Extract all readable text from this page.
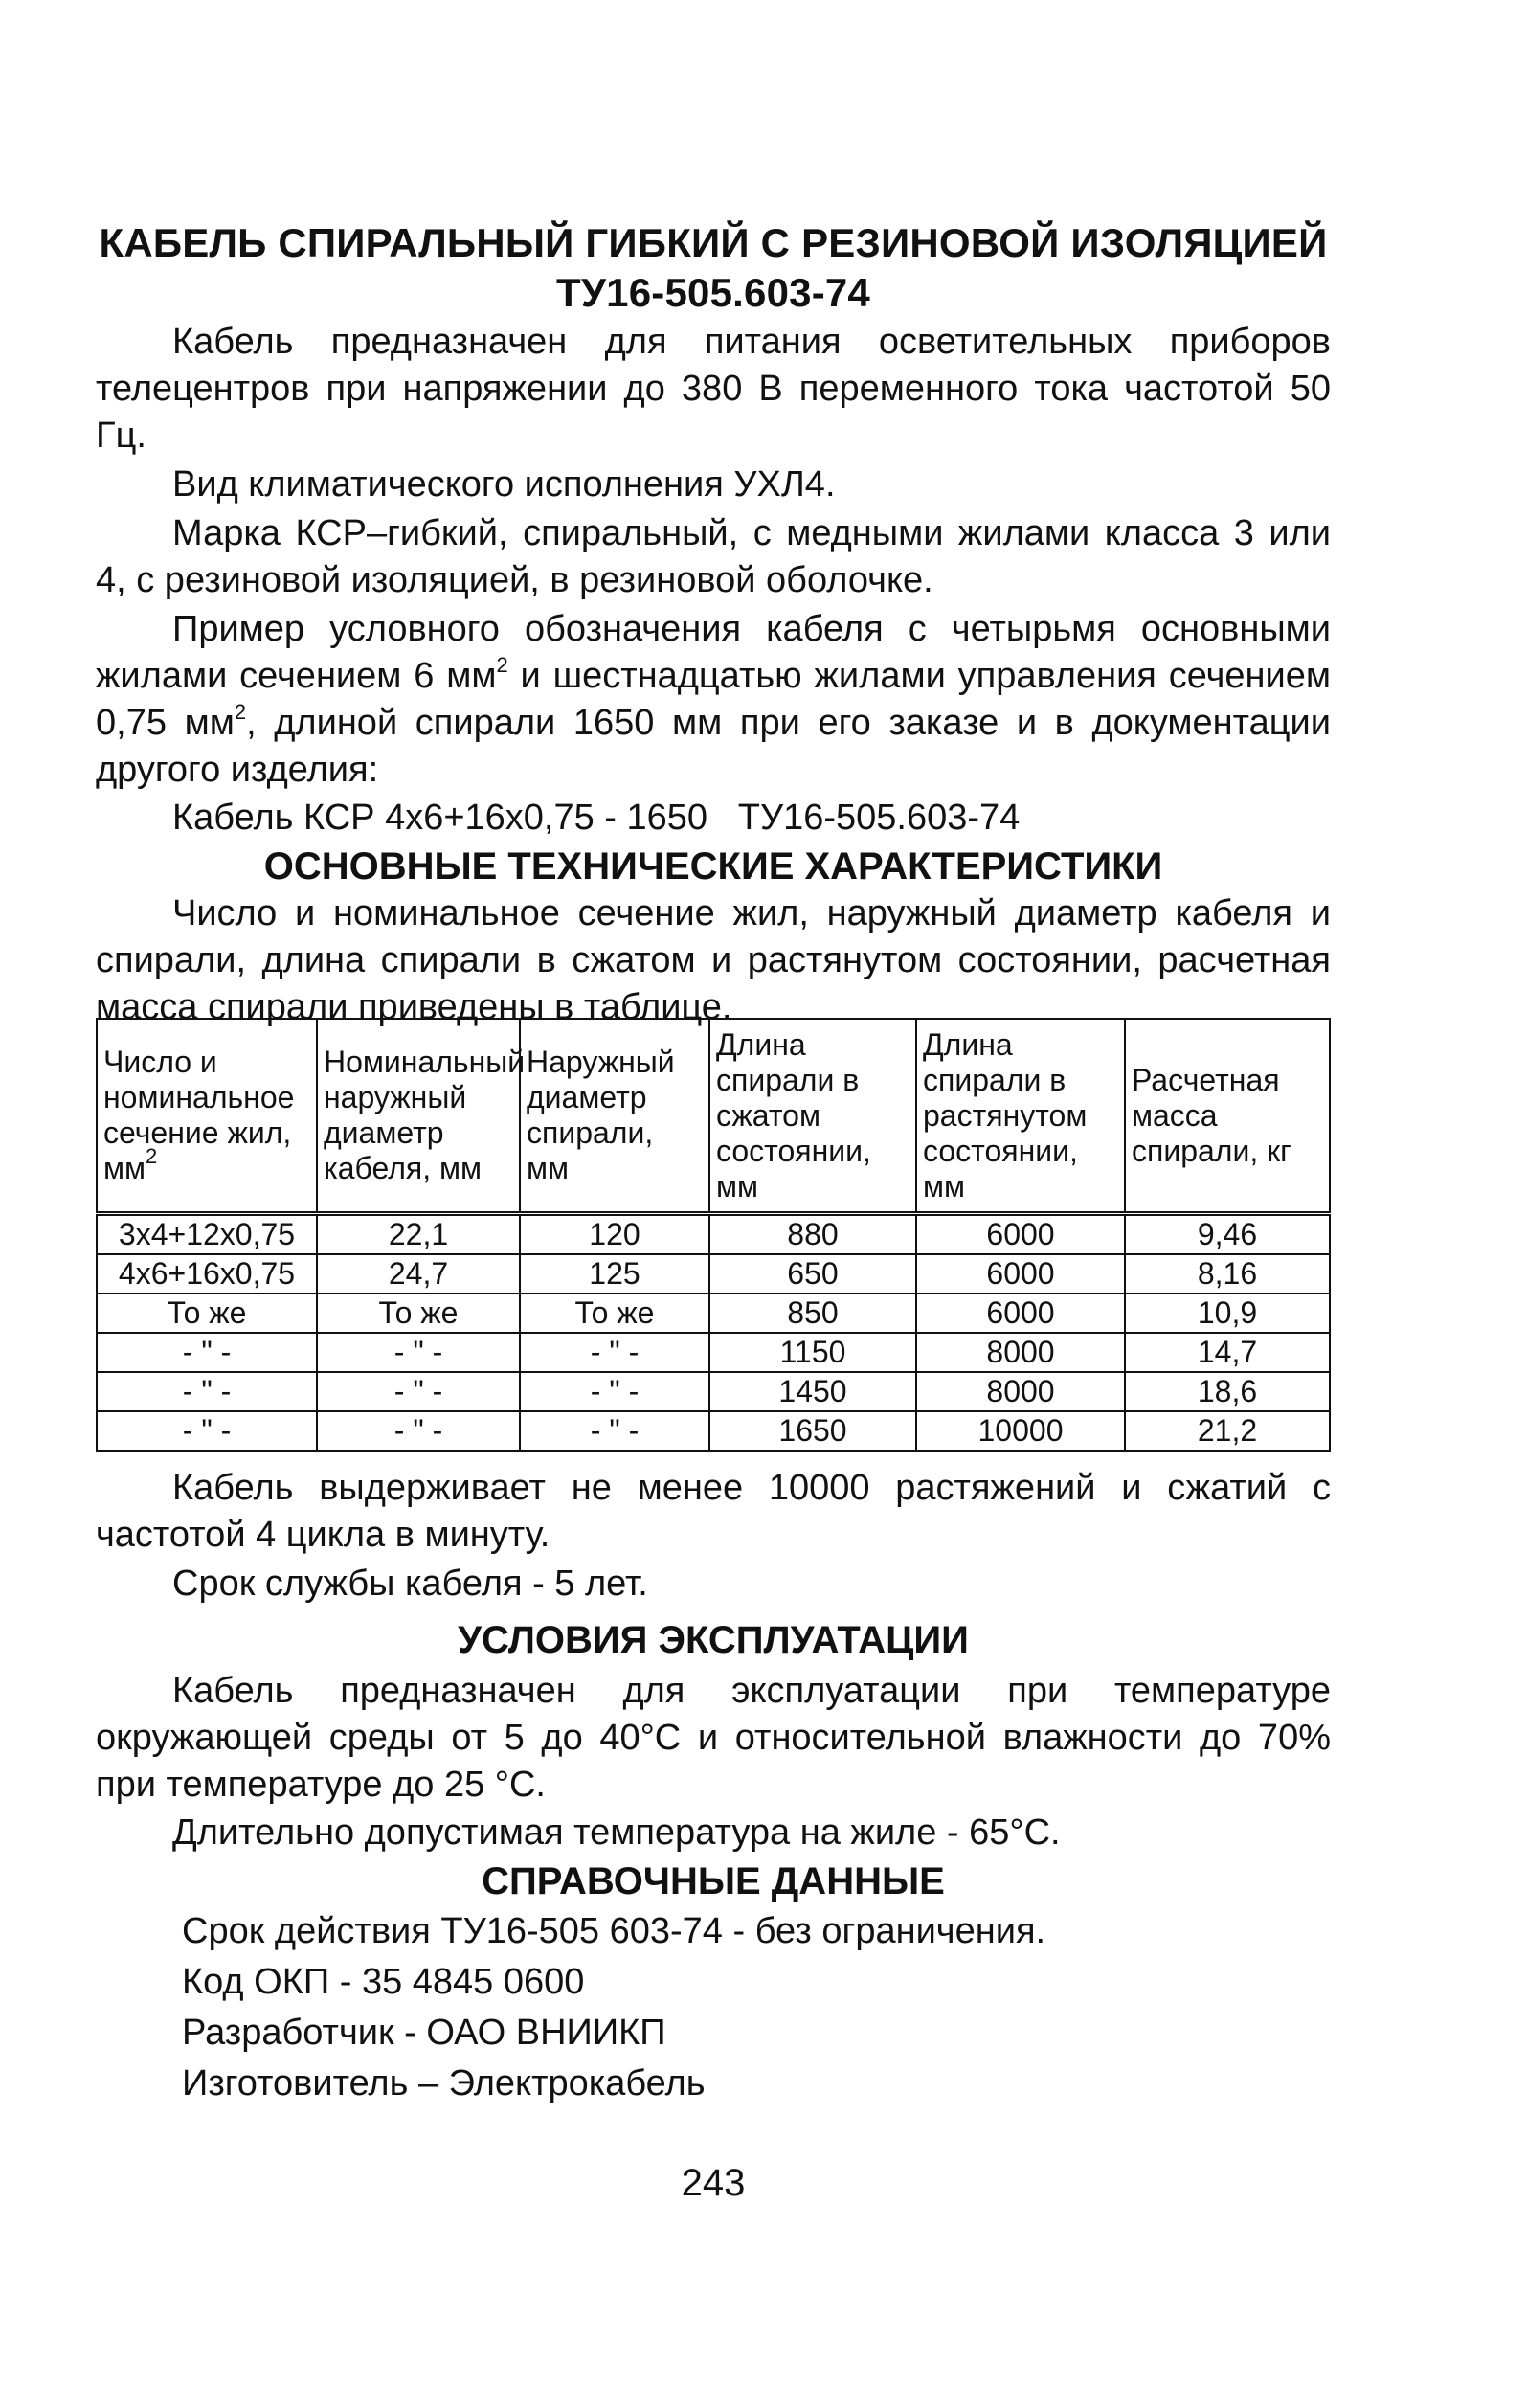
КАБЕЛЬ СПИРАЛЬНЫЙ ГИБКИЙ С РЕЗИНОВОЙ ИЗОЛЯЦИЕЙ
ТУ16-505.603-74
Кабель предназначен для питания осветительных приборов телецентров при напряжении до 380 В переменного тока частотой 50 Гц.
Вид климатического исполнения УХЛ4.
Марка КСР–гибкий, спиральный, с медными жилами класса 3 или 4, с резиновой изоляцией, в резиновой оболочке.
Пример условного обозначения кабеля с четырьмя основными жилами сечением 6 $мм^2$ и шестнадцатью жилами управления сечением 0,75 $мм^2$, длиной спирали 1650 мм при его заказе и в документации другого изделия:
Кабель КСР 4х6+16х0,75 - 1650   ТУ16-505.603-74
ОСНОВНЫЕ ТЕХНИЧЕСКИЕ ХАРАКТЕРИСТИКИ
Число и номинальное сечение жил, наружный диаметр кабеля и спирали, длина спирали в сжатом и растянутом состоянии, расчетная масса спирали приведены в таблице.
Число и номинальное сечение жил, $мм^2$	Номинальный наружный диаметр кабеля, мм	Наружный диаметр спирали, мм	Длина спирали в сжатом состоянии, мм	Длина спирали в растянутом состоянии, мм	Расчетная масса спирали, кг
3х4+12х0,75	22,1	120	880	6000	9,46
4х6+16х0,75	24,7	125	650	6000	8,16
То же	То же	То же	850	6000	10,9
- " -	- " -	- " -	1150	8000	14,7
- " -	- " -	- " -	1450	8000	18,6
- " -	- " -	- " -	1650	10000	21,2
Кабель выдерживает не менее 10000 растяжений и сжатий с частотой 4 цикла в минуту.
Срок службы кабеля - 5 лет.
УСЛОВИЯ ЭКСПЛУАТАЦИИ
Кабель предназначен для эксплуатации при температуре окружающей среды от 5 до 40°С и относительной влажности до 70% при температуре до 25 °С.
Длительно допустимая температура на жиле - 65°С.
СПРАВОЧНЫЕ ДАННЫЕ
Срок действия ТУ16-505 603-74 - без ограничения.
Код ОКП - 35 4845 0600
Разработчик - ОАО ВНИИКП
Изготовитель – Электрокабель
243
